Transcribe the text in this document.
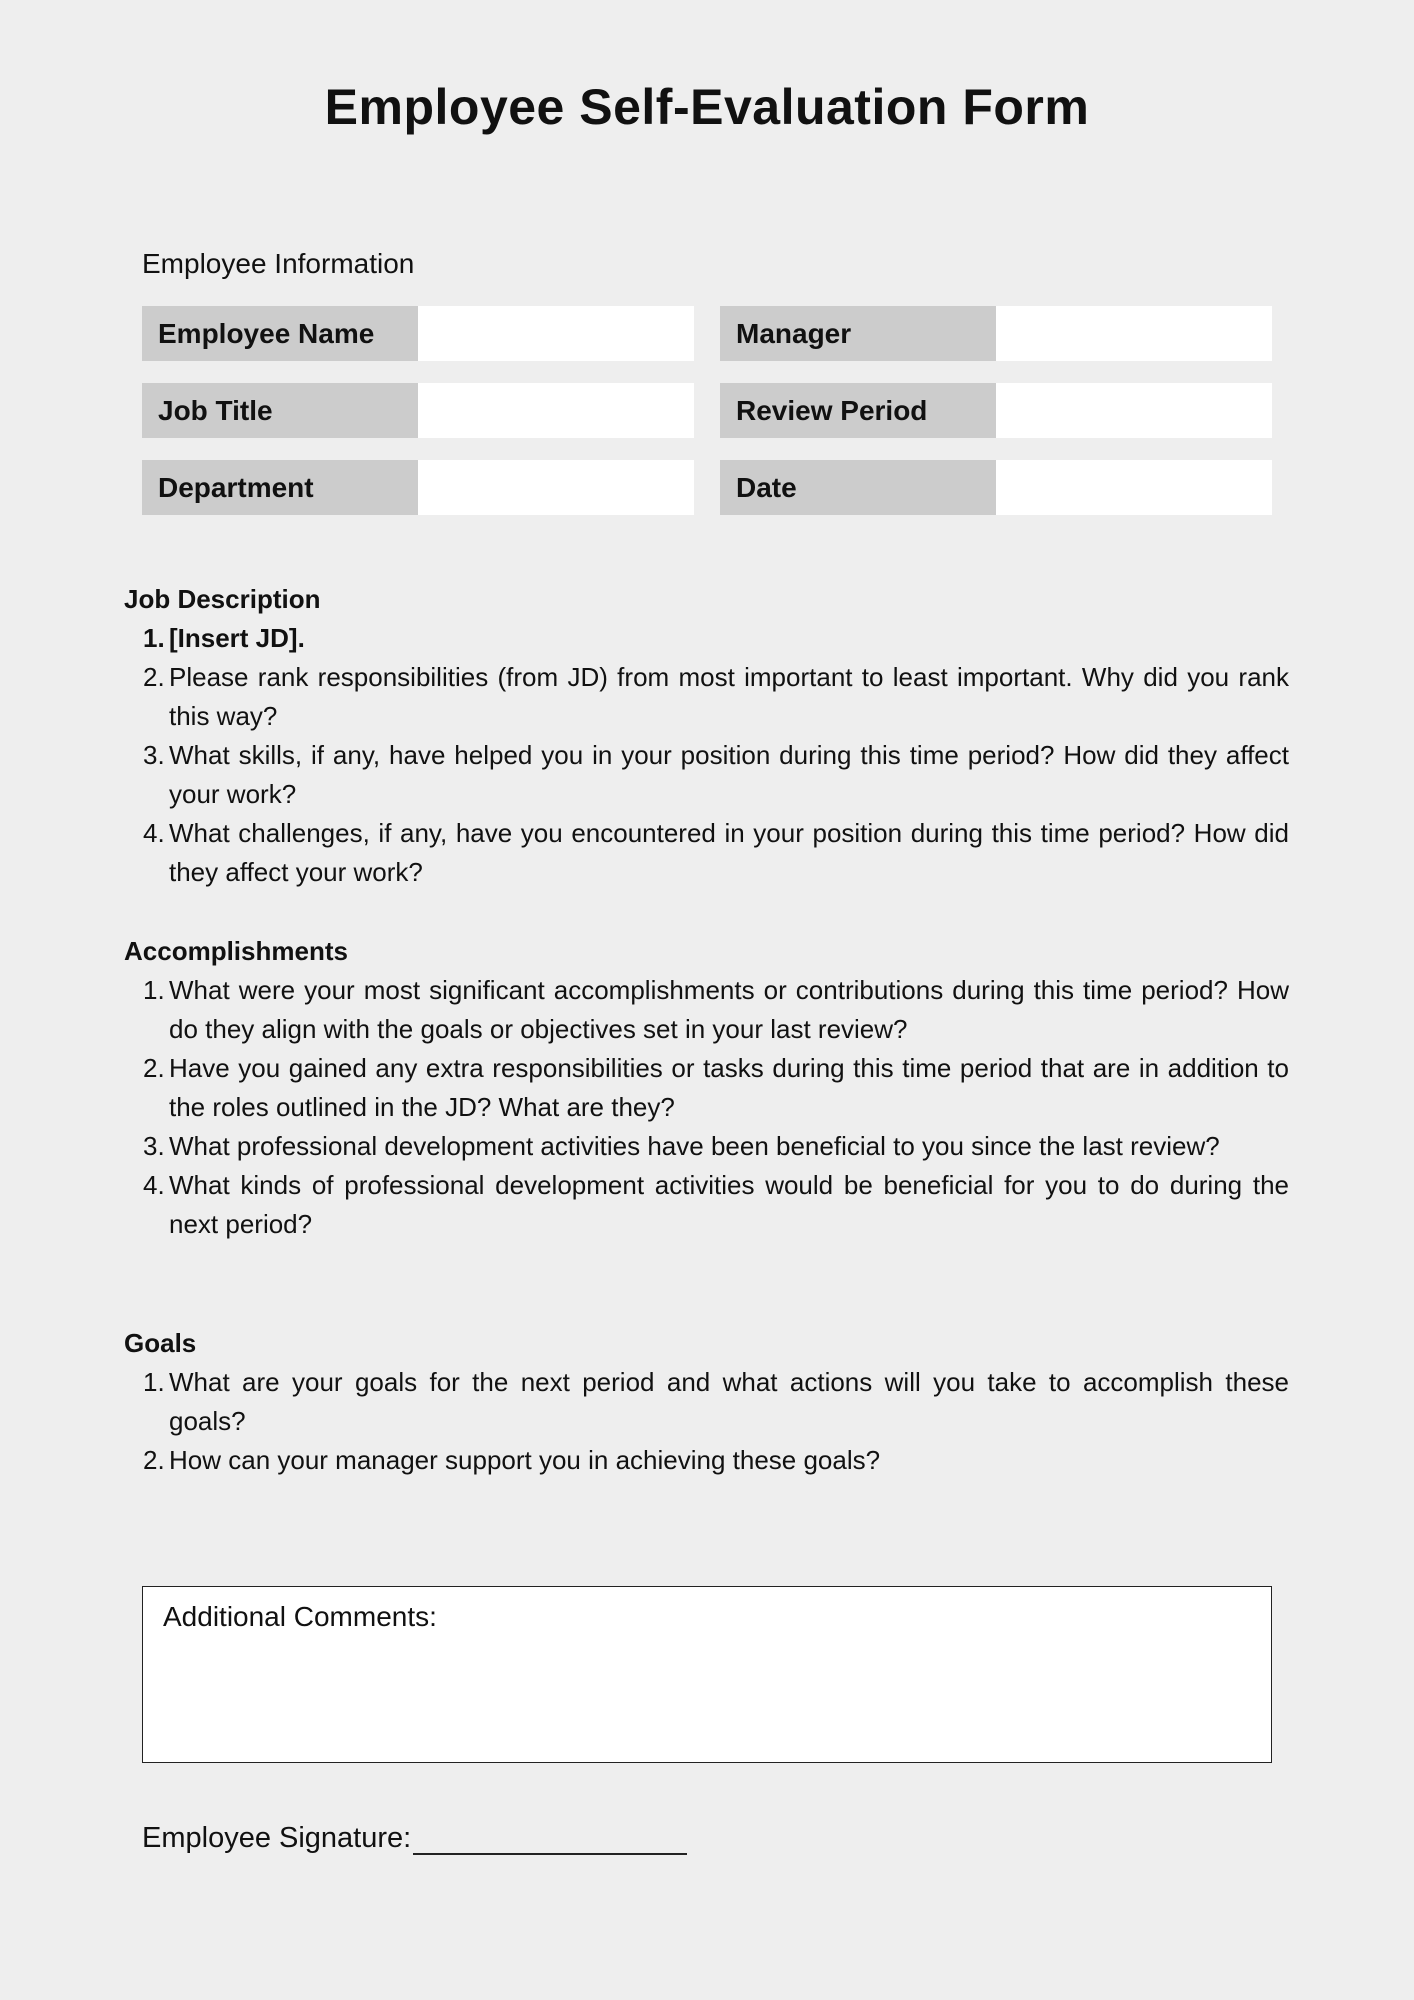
Employee Self-Evaluation Form
Employee Information
Employee Name	Manager
Job Title	Review Period
Department	Date
Job Description
1. [Insert JD].
2. Please rank responsibilities (from JD) from most important to least important. Why did you rank this way?
3. What skills, if any, have helped you in your position during this time period? How did they affect your work?
4. What challenges, if any, have you encountered in your position during this time period? How did they affect your work?
Accomplishments
1. What were your most significant accomplishments or contributions during this time period? How do they align with the goals or objectives set in your last review?
2. Have you gained any extra responsibilities or tasks during this time period that are in addition to the roles outlined in the JD? What are they?
3. What professional development activities have been beneficial to you since the last review?
4. What kinds of professional development activities would be beneficial for you to do during the next period?
Goals
1. What are your goals for the next period and what actions will you take to accomplish these goals?
2. How can your manager support you in achieving these goals?
Additional Comments:
Employee Signature:
